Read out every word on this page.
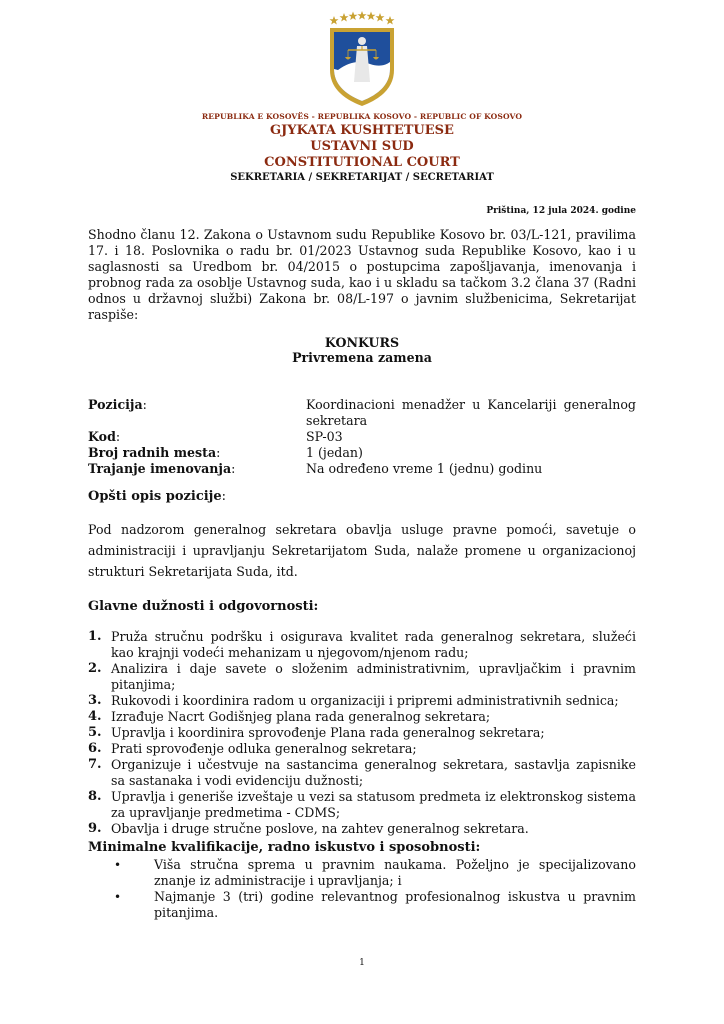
REPUBLIKA E KOSOVËS - REPUBLIKA KOSOVO - REPUBLIC OF KOSOVO
GJYKATA KUSHTETUESE
USTAVNI SUD
CONSTITUTIONAL COURT
SEKRETARIA / SEKRETARIJAT / SECRETARIAT
Priština, 12 jula 2024. godine
Shodno članu 12. Zakona o Ustavnom sudu Republike Kosovo br. 03/L-121, pravilima 17. i 18. Poslovnika o radu br. 01/2023 Ustavnog suda Republike Kosovo, kao i u saglasnosti sa Uredbom br. 04/2015 o postupcima zapošljavanja, imenovanja i probnog rada za osoblje Ustavnog suda, kao i u skladu sa tačkom 3.2 člana 37 (Radni odnos u državnoj službi) Zakona br. 08/L-197 o javnim službenicima, Sekretarijat raspiše:
KONKURS
Privremena zamena
Pozicija:	Koordinacioni menadžer u Kancelariji generalnog sekretara
Kod:	SP-03
Broj radnih mesta:	1 (jedan)
Trajanje imenovanja:	Na određeno vreme 1 (jednu) godinu
Opšti opis pozicije:
Pod nadzorom generalnog sekretara obavlja usluge pravne pomoći, savetuje o administraciji i upravljanju Sekretarijatom Suda, nalaže promene u organizacionoj strukturi Sekretarijata Suda, itd.
Glavne dužnosti i odgovornosti:
1. Pruža stručnu podršku i osigurava kvalitet rada generalnog sekretara, služeći kao krajnji vodeći mehanizam u njegovom/njenom radu;
2. Analizira i daje savete o složenim administrativnim, upravljačkim i pravnim pitanjima;
3. Rukovodi i koordinira radom u organizaciji i pripremi administrativnih sednica;
4. Izrađuje Nacrt Godišnjeg plana rada generalnog sekretara;
5. Upravlja i koordinira sprovođenje Plana rada generalnog sekretara;
6. Prati sprovođenje odluka generalnog sekretara;
7. Organizuje i učestvuje na sastancima generalnog sekretara, sastavlja zapisnike sa sastanaka i vodi evidenciju dužnosti;
8. Upravlja i generiše izveštaje u vezi sa statusom predmeta iz elektronskog sistema za upravljanje predmetima - CDMS;
9. Obavlja i druge stručne poslove, na zahtev generalnog sekretara.
Minimalne kvalifikacije, radno iskustvo i sposobnosti:
•	Viša stručna sprema u pravnim naukama. Poželjno je specijalizovano znanje iz administracije i upravljanja; i
•	Najmanje 3 (tri) godine relevantnog profesionalnog iskustva u pravnim pitanjima.
1
